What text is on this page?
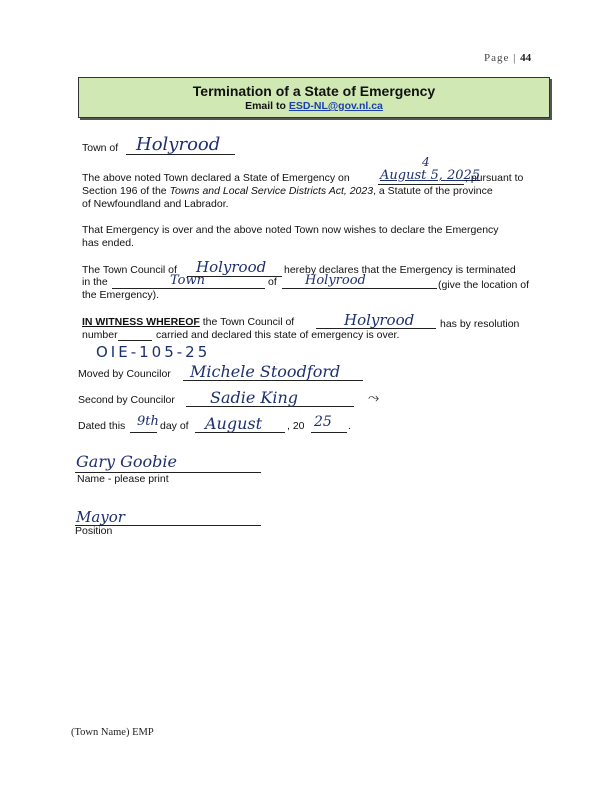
Page | 44
Termination of a State of Emergency
Email to ESD-NL@gov.nl.ca
Town of Holyrood
The above noted Town declared a State of Emergency on August 5, 2025
4
, pursuant to
Section 196 of the Towns and Local Service Districts Act, 2023, a Statute of the province
of Newfoundland and Labrador.
That Emergency is over and the above noted Town now wishes to declare the Emergency
has ended.
The Town Council of Holyrood hereby declares that the Emergency is terminated
in the	Town	of Holyrood	(give the location of
the Emergency).
IN WITNESS WHEREOF the Town Council of	Holyrood has by resolution
number	carried and declared this state of emergency is over.
OIE-105-25
Moved by Councilor Michele Stoodford
Second by Councilor Sadie King	⤳
Dated this 9th day of August , 20 25 .
Gary Goobie
Name - please print
Mayor
Position
(Town Name) EMP
